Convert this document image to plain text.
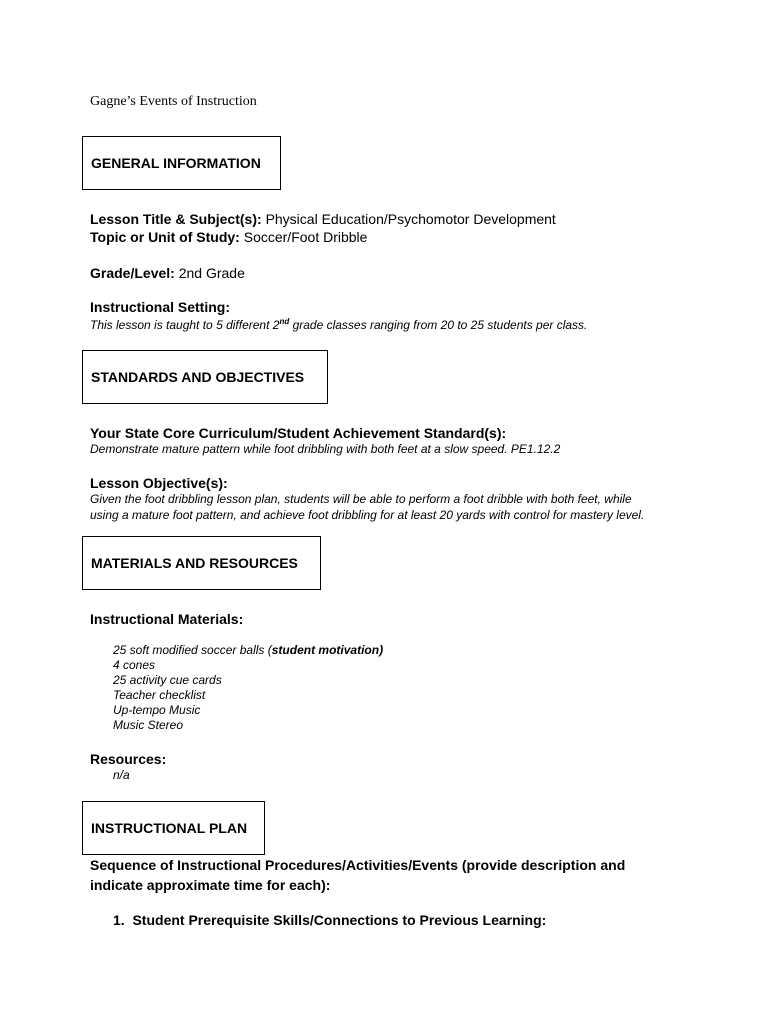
Gagne’s Events of Instruction
GENERAL INFORMATION
Lesson Title & Subject(s): Physical Education/Psychomotor Development
Topic or Unit of Study: Soccer/Foot Dribble
Grade/Level: 2nd Grade
Instructional Setting:
This lesson is taught to 5 different 2nd grade classes ranging from 20 to 25 students per class.
STANDARDS AND OBJECTIVES
Your State Core Curriculum/Student Achievement Standard(s):
Demonstrate mature pattern while foot dribbling with both feet at a slow speed. PE1.12.2
Lesson Objective(s):
Given the foot dribbling lesson plan, students will be able to perform a foot dribble with both feet, while
using a mature foot pattern, and achieve foot dribbling for at least 20 yards with control for mastery level.
MATERIALS AND RESOURCES
Instructional Materials:
25 soft modified soccer balls (student motivation)
4 cones
25 activity cue cards
Teacher checklist
Up-tempo Music
Music Stereo
Resources:
n/a
INSTRUCTIONAL PLAN
Sequence of Instructional Procedures/Activities/Events (provide description and
indicate approximate time for each):
1. Student Prerequisite Skills/Connections to Previous Learning:
